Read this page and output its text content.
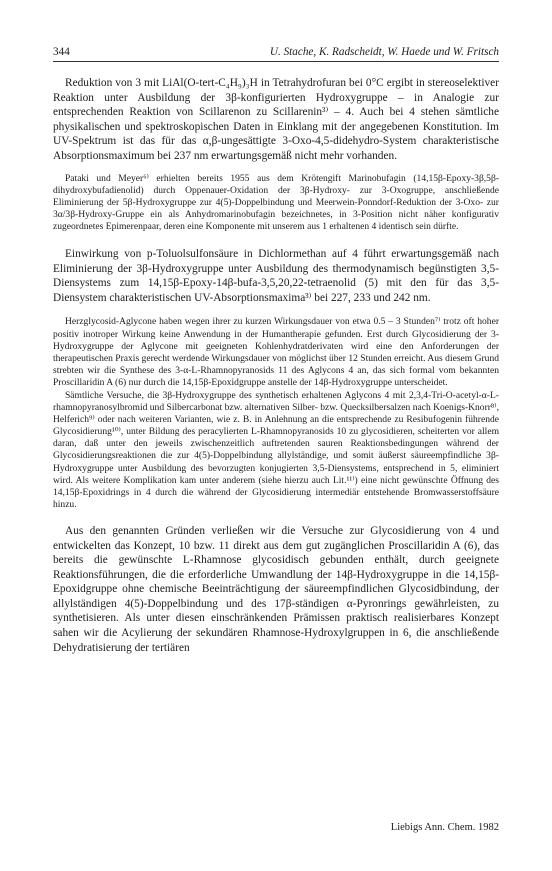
344	U. Stache, K. Radscheidt, W. Haede und W. Fritsch

Reduktion von 3 mit LiAl(O-tert-C₄H₉)₃H in Tetrahydrofuran bei 0°C ergibt in stereoselektiver Reaktion unter Ausbildung der 3β-konfigurierten Hydroxygruppe – in Analogie zur entsprechenden Reaktion von Scillarenon zu Scillarenin³⁾ – 4. Auch bei 4 stehen sämtliche physikalischen und spektroskopischen Daten in Einklang mit der angegebenen Konstitution. Im UV-Spektrum ist das für das α,β-ungesättigte 3-Oxo-4,5-didehydro-System charakteristische Absorptionsmaximum bei 237 nm erwartungsgemäß nicht mehr vorhanden.

Pataki und Meyer⁶⁾ erhielten bereits 1955 aus dem Krötengift Marinobufagin (14,15β-Epoxy-3β,5β-dihydroxybufadienolid) durch Oppenauer-Oxidation der 3β-Hydroxy- zur 3-Oxogruppe, anschließende Eliminierung der 5β-Hydroxygruppe zur 4(5)-Doppelbindung und Meerwein-Ponndorf-Reduktion der 3-Oxo- zur 3α/3β-Hydroxy-Gruppe ein als Anhydromarinobufagin bezeichnetes, in 3-Position nicht näher konfigurativ zugeordnetes Epimerenpaar, deren eine Komponente mit unserem aus 1 erhaltenen 4 identisch sein dürfte.

Einwirkung von p-Toluolsulfonsäure in Dichlormethan auf 4 führt erwartungsgemäß nach Eliminierung der 3β-Hydroxygruppe unter Ausbildung des thermodynamisch begünstigten 3,5-Diensystems zum 14,15β-Epoxy-14β-bufa-3,5,20,22-tetraenolid (5) mit den für das 3,5-Diensystem charakteristischen UV-Absorptionsmaxima³⁾ bei 227, 233 und 242 nm.

Herzglycosid-Aglycone haben wegen ihrer zu kurzen Wirkungsdauer von etwa 0.5 – 3 Stunden⁷⁾ trotz oft hoher positiv inotroper Wirkung keine Anwendung in der Humantherapie gefunden. Erst durch Glycosidierung der 3-Hydroxygruppe der Aglycone mit geeigneten Kohlenhydratderivaten wird eine den Anforderungen der therapeutischen Praxis gerecht werdende Wirkungsdauer von möglichst über 12 Stunden erreicht. Aus diesem Grund strebten wir die Synthese des 3-α-L-Rhamnopyranosids 11 des Aglycons 4 an, das sich formal vom bekannten Proscillaridin A (6) nur durch die 14,15β-Epoxidgruppe anstelle der 14β-Hydroxygruppe unterscheidet.

Sämtliche Versuche, die 3β-Hydroxygruppe des synthetisch erhaltenen Aglycons 4 mit 2,3,4-Tri-O-acetyl-α-L-rhamnopyranosylbromid und Silbercarbonat bzw. alternativen Silber- bzw. Quecksilbersalzen nach Koenigs-Knorr⁸⁾, Helferich⁹⁾ oder nach weiteren Varianten, wie z. B. in Anlehnung an die entsprechende zu Resibufogenin führende Glycosidierung¹⁰⁾, unter Bildung des peracylierten L-Rhamnopyranosids 10 zu glycosidieren, scheiterten vor allem daran, daß unter den jeweils zwischenzeitlich auftretenden sauren Reaktionsbedingungen während der Glycosidierungsreaktionen die zur 4(5)-Doppelbindung allylständige, und somit äußerst säureempfindliche 3β-Hydroxygruppe unter Ausbildung des bevorzugten konjugierten 3,5-Diensystems, entsprechend in 5, eliminiert wird. Als weitere Komplikation kam unter anderem (siehe hierzu auch Lit.¹¹⁾) eine nicht gewünschte Öffnung des 14,15β-Epoxidrings in 4 durch die während der Glycosidierung intermediär entstehende Bromwasserstoffsäure hinzu.

Aus den genannten Gründen verließen wir die Versuche zur Glycosidierung von 4 und entwickelten das Konzept, 10 bzw. 11 direkt aus dem gut zugänglichen Proscillaridin A (6), das bereits die gewünschte L-Rhamnose glycosidisch gebunden enthält, durch geeignete Reaktionsführungen, die die erforderliche Umwandlung der 14β-Hydroxygruppe in die 14,15β-Epoxidgruppe ohne chemische Beeinträchtigung der säureempfindlichen Glycosidbindung, der allylständigen 4(5)-Doppelbindung und des 17β-ständigen α-Pyronrings gewährleisten, zu synthetisieren. Als unter diesen einschränkenden Prämissen praktisch realisierbares Konzept sahen wir die Acylierung der sekundären Rhamnose-Hydroxylgruppen in 6, die anschließende Dehydratisierung der tertiären

Liebigs Ann. Chem. 1982
